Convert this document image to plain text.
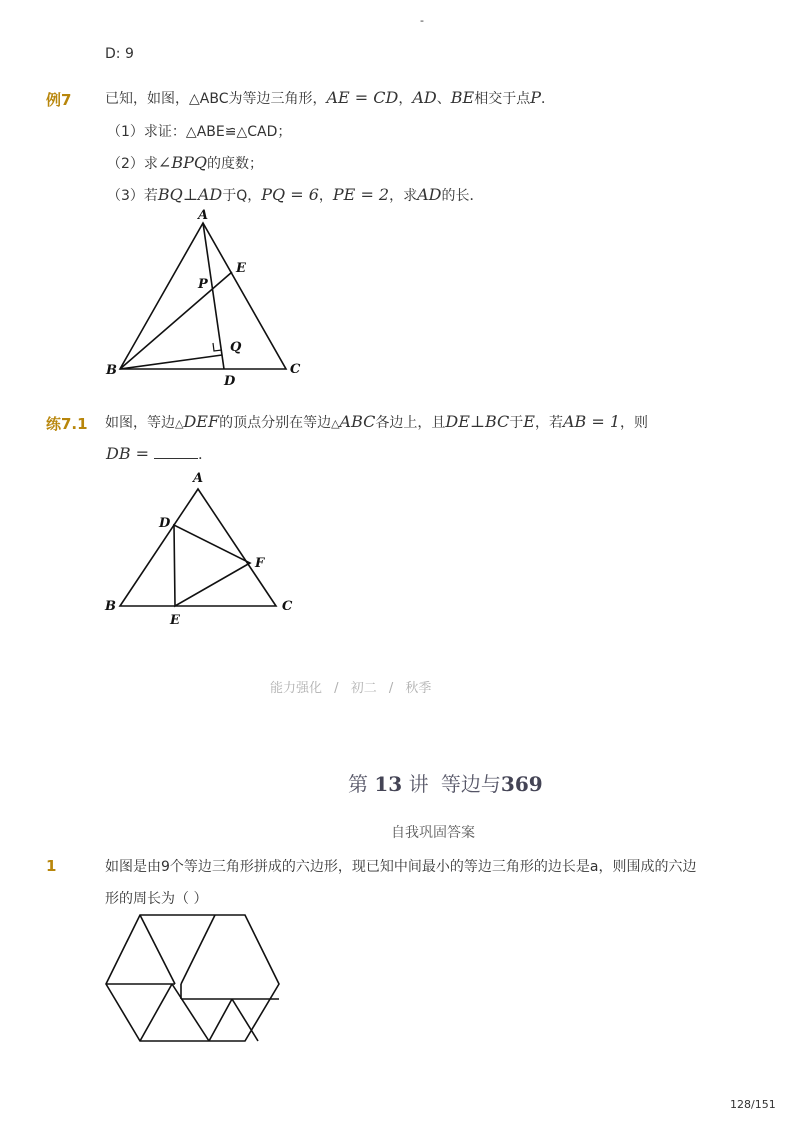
-
D: 9
例7 已知，如图，△ABC为等边三角形，AE = CD，AD、BE相交于点P．
（1）求证：△ABE≌△CAD；
（2）求∠BPQ的度数；
（3）若BQ⊥AD于Q，PQ = 6，PE = 2，求AD的长．
A
B	C
D
E
P
Q
练7.1 如图，等边△DEF的顶点分别在等边△ABC各边上，且DE⊥BC于E，若AB = 1，则
DB =	．
A
B	C
D
E
F
能力强化 / 初二 / 秋季
第 13 讲 等边与369
自我巩固答案
1	如图是由9个等边三角形拼成的六边形，现已知中间最小的等边三角形的边长是a，则围成的六边
形的周长为（ ）
128/151
